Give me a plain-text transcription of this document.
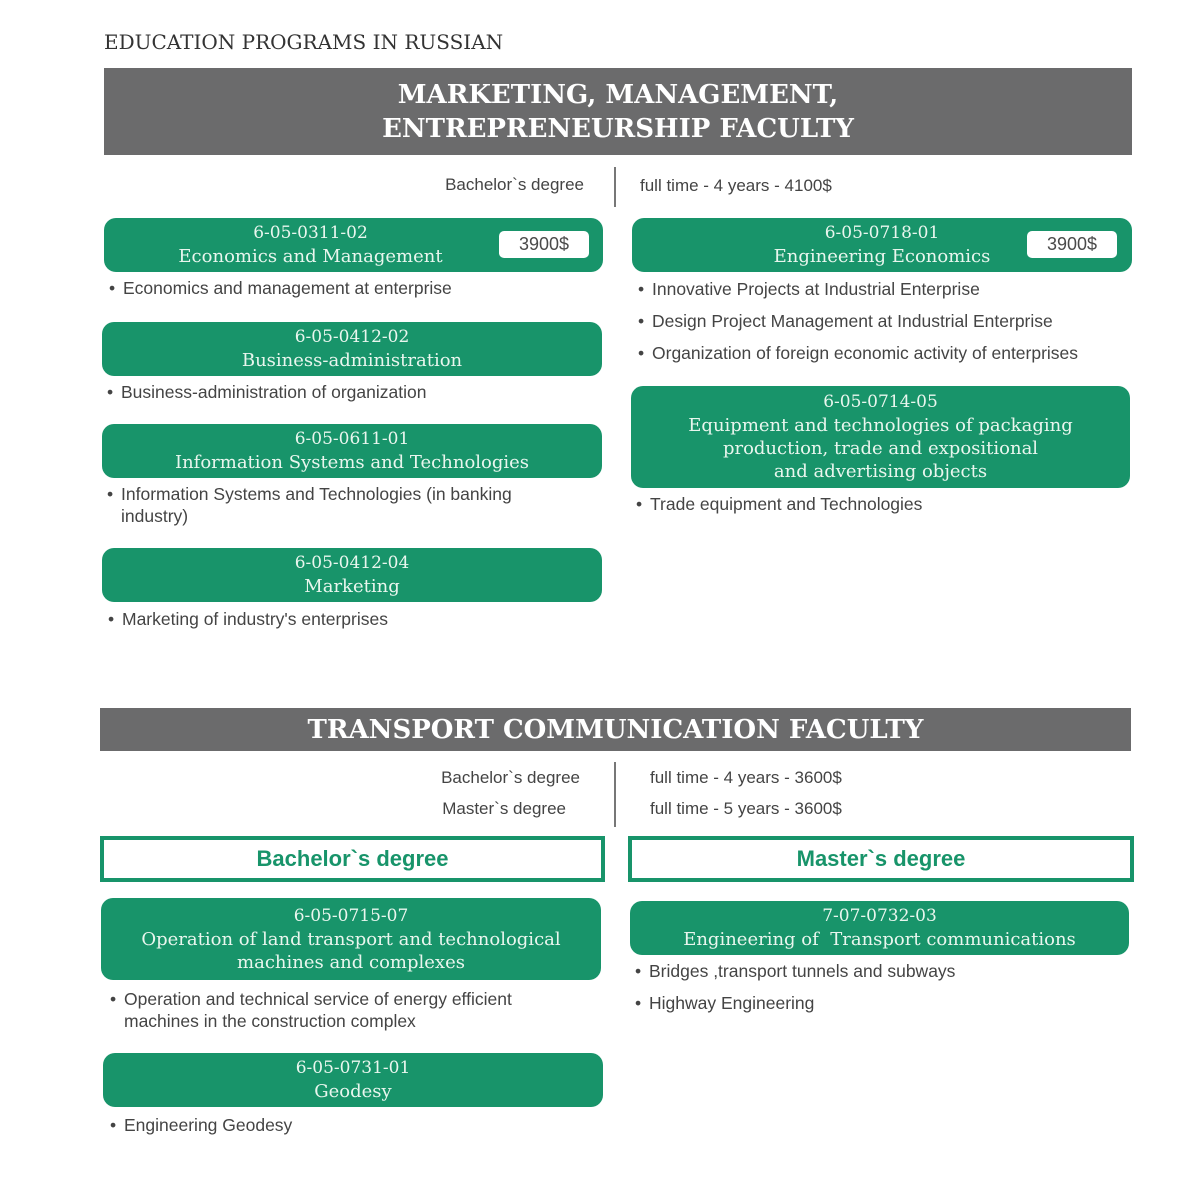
EDUCATION PROGRAMS IN RUSSIAN
MARKETING, MANAGEMENT,
ENTREPRENEURSHIP FACULTY
Bachelor`s degree	full time - 4 years - 4100$
6-05-0311-02
Economics and Management
3900$
• Economics and management at enterprise
6-05-0412-02
Business-administration
• Business-administration of organization
6-05-0611-01
Information Systems and Technologies
• Information Systems and Technologies (in banking industry)
6-05-0412-04
Marketing
• Marketing of industry's enterprises
6-05-0718-01
Engineering Economics
3900$
• Innovative Projects at Industrial Enterprise
• Design Project Management at Industrial Enterprise
• Organization of foreign economic activity of enterprises
6-05-0714-05
Equipment and technologies of packaging
production, trade and expositional
and advertising objects
• Trade equipment and Technologies
TRANSPORT COMMUNICATION FACULTY
Bachelor`s degree
Master`s degree
full time - 4 years - 3600$
full time - 5 years - 3600$
Bachelor`s degree	Master`s degree
6-05-0715-07
Operation of land transport and technological
machines and complexes
• Operation and technical service of energy efficient machines in the construction complex
6-05-0731-01
Geodesy
• Engineering Geodesy
7-07-0732-03
Engineering of  Transport communications
• Bridges ,transport tunnels and subways
• Highway Engineering
